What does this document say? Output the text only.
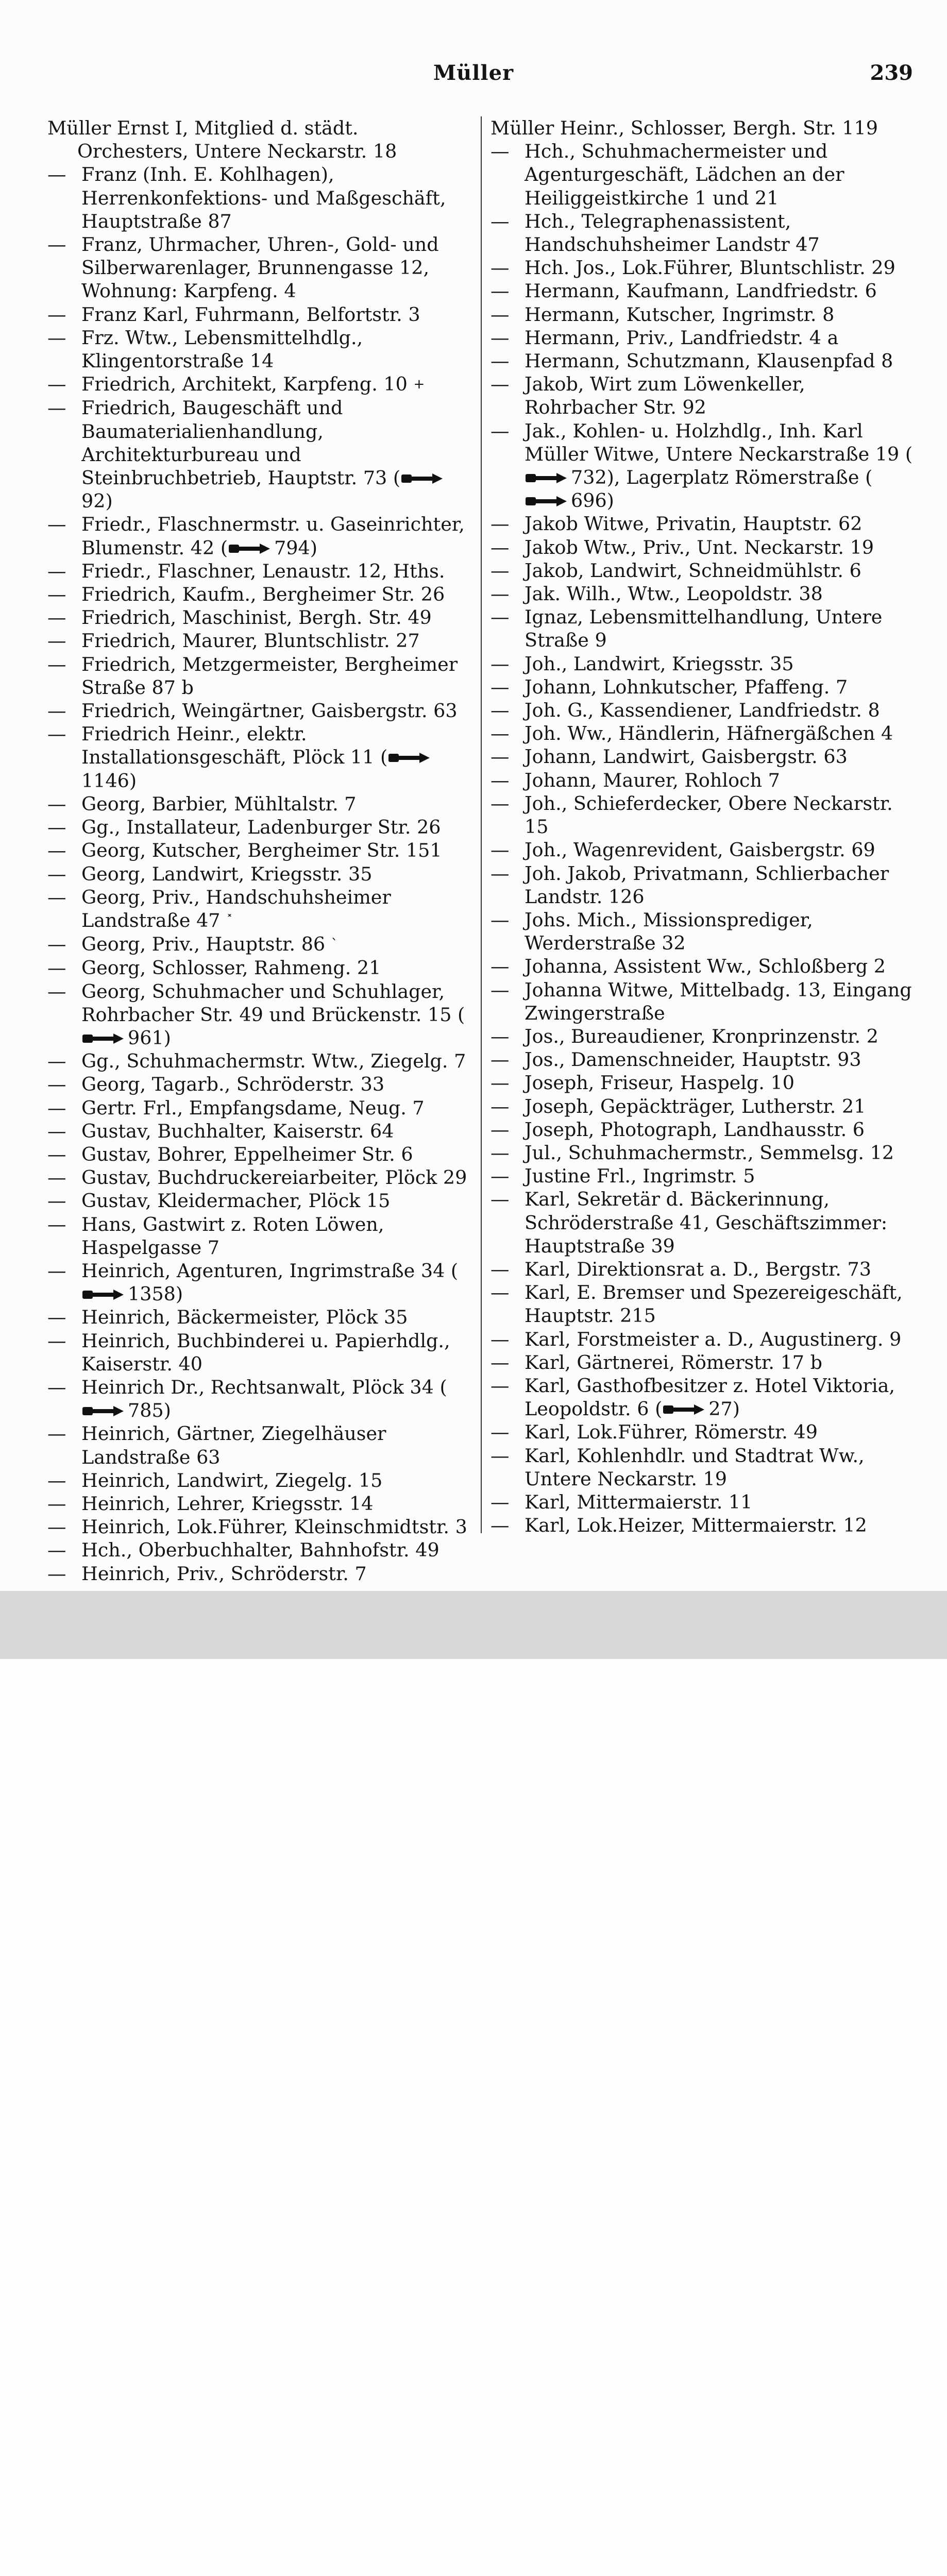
Müller	239
Müller Ernst I, Mitglied d. städt. Orchesters, Untere Neckarstr. 18
— Franz (Inh. E. Kohlhagen), Herrenkonfektions- und Maßgeschäft, Hauptstraße 87
— Franz, Uhrmacher, Uhren-, Gold- und Silberwarenlager, Brunnengasse 12, Wohnung: Karpfeng. 4
— Franz Karl, Fuhrmann, Belfortstr. 3
— Frz. Wtw., Lebensmittelhdlg., Klingentorstraße 14
— Friedrich, Architekt, Karpfeng. 10 +
— Friedrich, Baugeschäft und Baumaterialienhandlung, Architekturbureau und Steinbruchbetrieb, Hauptstr. 73 (92)
— Friedr., Flaschnermstr. u. Gaseinrichter, Blumenstr. 42 ( 794)
— Friedr., Flaschner, Lenaustr. 12, Hths.
— Friedrich, Kaufm., Bergheimer Str. 26
— Friedrich, Maschinist, Bergh. Str. 49
— Friedrich, Maurer, Bluntschlistr. 27
— Friedrich, Metzgermeister, Bergheimer Straße 87 b
— Friedrich, Weingärtner, Gaisbergstr. 63
— Friedrich Heinr., elektr. Installationsgeschäft, Plöck 11 (1146)
— Georg, Barbier, Mühltalstr. 7
— Gg., Installateur, Ladenburger Str. 26
— Georg, Kutscher, Bergheimer Str. 151
— Georg, Landwirt, Kriegsstr. 35
— Georg, Priv., Handschuhsheimer Landstraße 47 ˟
— Georg, Priv., Hauptstr. 86 ˋ
— Georg, Schlosser, Rahmeng. 21
— Georg, Schuhmacher und Schuhlager, Rohrbacher Str. 49 und Brückenstr. 15 (961)
— Gg., Schuhmachermstr. Wtw., Ziegelg. 7
— Georg, Tagarb., Schröderstr. 33
— Gertr. Frl., Empfangsdame, Neug. 7
— Gustav, Buchhalter, Kaiserstr. 64
— Gustav, Bohrer, Eppelheimer Str. 6
— Gustav, Buchdruckereiarbeiter, Plöck 29
— Gustav, Kleidermacher, Plöck 15
— Hans, Gastwirt z. Roten Löwen, Haspelgasse 7
— Heinrich, Agenturen, Ingrimstraße 34 (1358)
— Heinrich, Bäckermeister, Plöck 35
— Heinrich, Buchbinderei u. Papierhdlg., Kaiserstr. 40
— Heinrich Dr., Rechtsanwalt, Plöck 34 (785)
— Heinrich, Gärtner, Ziegelhäuser Landstraße 63
— Heinrich, Landwirt, Ziegelg. 15
— Heinrich, Lehrer, Kriegsstr. 14
— Heinrich, Lok.Führer, Kleinschmidtstr. 3
— Hch., Oberbuchhalter, Bahnhofstr. 49
— Heinrich, Priv., Schröderstr. 7
Müller Heinr., Schlosser, Bergh. Str. 119
— Hch., Schuhmachermeister und Agenturgeschäft, Lädchen an der Heiliggeistkirche 1 und 21
— Hch., Telegraphenassistent, Handschuhsheimer Landstr 47
— Hch. Jos., Lok.Führer, Bluntschlistr. 29
— Hermann, Kaufmann, Landfriedstr. 6
— Hermann, Kutscher, Ingrimstr. 8
— Hermann, Priv., Landfriedstr. 4 a
— Hermann, Schutzmann, Klausenpfad 8
— Jakob, Wirt zum Löwenkeller, Rohrbacher Str. 92
— Jak., Kohlen- u. Holzhdlg., Inh. Karl Müller Witwe, Untere Neckarstraße 19 (732), Lagerplatz Römerstraße (696)
— Jakob Witwe, Privatin, Hauptstr. 62
— Jakob Wtw., Priv., Unt. Neckarstr. 19
— Jakob, Landwirt, Schneidmühlstr. 6
— Jak. Wilh., Wtw., Leopoldstr. 38
— Ignaz, Lebensmittelhandlung, Untere Straße 9
— Joh., Landwirt, Kriegsstr. 35
— Johann, Lohnkutscher, Pfaffeng. 7
— Joh. G., Kassendiener, Landfriedstr. 8
— Joh. Ww., Händlerin, Häfnergäßchen 4
— Johann, Landwirt, Gaisbergstr. 63
— Johann, Maurer, Rohloch 7
— Joh., Schieferdecker, Obere Neckarstr. 15
— Joh., Wagenrevident, Gaisbergstr. 69
— Joh. Jakob, Privatmann, Schlierbacher Landstr. 126
— Johs. Mich., Missionsprediger, Werderstraße 32
— Johanna, Assistent Ww., Schloßberg 2
— Johanna Witwe, Mittelbadg. 13, Eingang Zwingerstraße
— Jos., Bureaudiener, Kronprinzenstr. 2
— Jos., Damenschneider, Hauptstr. 93
— Joseph, Friseur, Haspelg. 10
— Joseph, Gepäckträger, Lutherstr. 21
— Joseph, Photograph, Landhausstr. 6
— Jul., Schuhmachermstr., Semmelsg. 12
— Justine Frl., Ingrimstr. 5
— Karl, Sekretär d. Bäckerinnung, Schröderstraße 41, Geschäftszimmer: Hauptstraße 39
— Karl, Direktionsrat a. D., Bergstr. 73
— Karl, E. Bremser und Spezereigeschäft, Hauptstr. 215
— Karl, Forstmeister a. D., Augustinerg. 9
— Karl, Gärtnerei, Römerstr. 17 b
— Karl, Gasthofbesitzer z. Hotel Viktoria, Leopoldstr. 6 ( 27)
— Karl, Lok.Führer, Römerstr. 49
— Karl, Kohlenhdlr. und Stadtrat Ww., Untere Neckarstr. 19
— Karl, Mittermaierstr. 11
— Karl, Lok.Heizer, Mittermaierstr. 12
